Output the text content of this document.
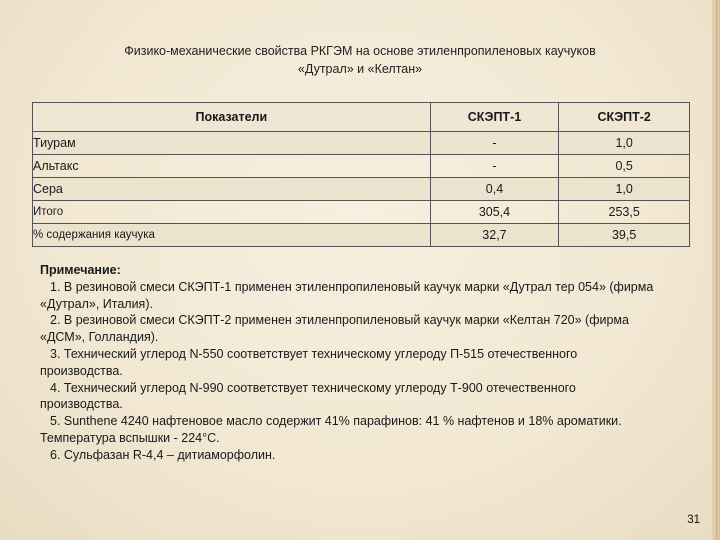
Физико-механические свойства РКГЭМ на основе этиленпропиленовых каучуков
«Дутрал» и «Келтан»
Показатели	СКЭПТ-1	СКЭПТ-2
Тиурам	-	1,0
Альтакс	-	0,5
Сера	0,4	1,0
Итого	305,4	253,5
% содержания каучука	32,7	39,5

Примечание:

1. В резиновой смеси СКЭПТ-1 применен этиленпропиленовый каучук марки «Дутрал тер 054» (фирма «Дутрал», Италия).

2. В резиновой смеси СКЭПТ-2 применен этиленпропиленовый каучук марки «Келтан 720» (фирма «ДСМ», Голландия).

3. Технический углерод N-550 соответствует техническому углероду П-515 отечественного производства.

4. Технический углерод N-990 соответствует техническому углероду Т-900 отечественного производства.

5. Sunthene 4240 нафтеновое масло содержит 41% парафинов: 41 % нафтенов и 18% ароматики. Температура вспышки - 224°С.

6. Сульфазан R-4,4 – дитиаморфолин.

31
